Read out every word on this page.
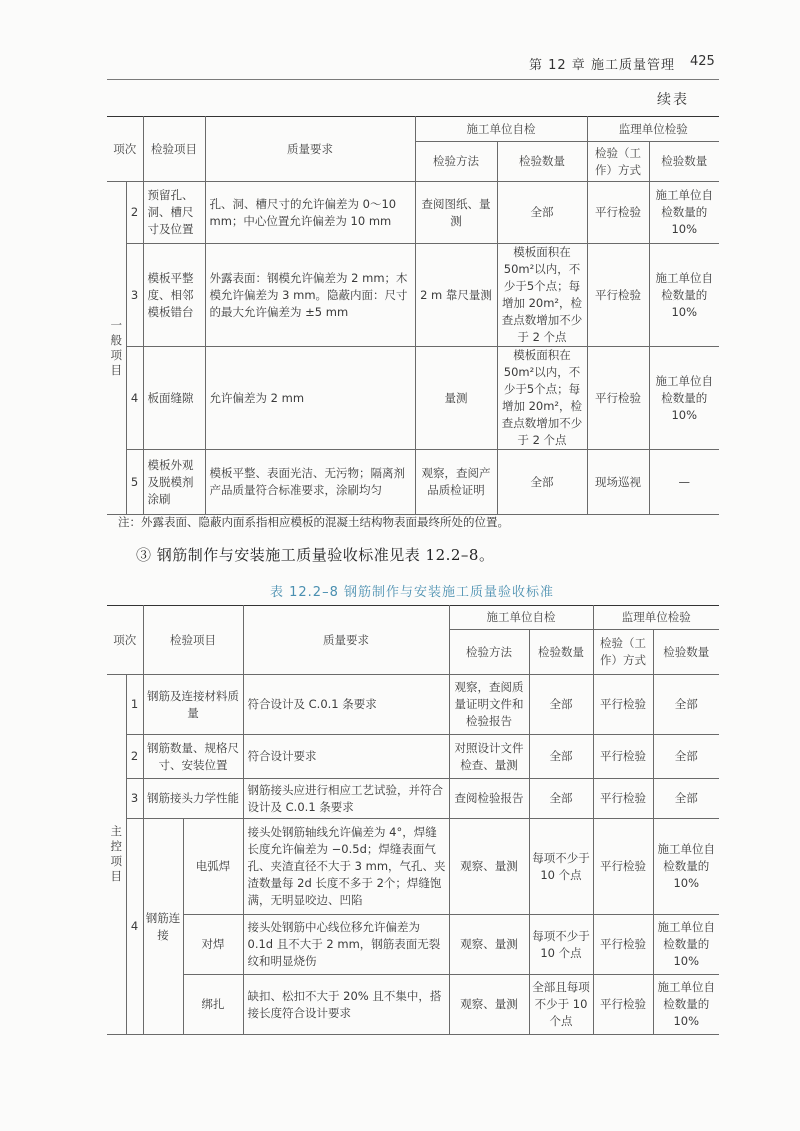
第 12 章 施工质量管理 425
续表
项次		检验项目	质量要求	施工单位自检		监理单位检验	
				检验方法	检验数量	检验（工作）方式	检验数量
一般项目	2	预留孔、洞、槽尺寸及位置	孔、洞、槽尺寸的允许偏差为 0～10 mm；中心位置允许偏差为 10 mm	查阅图纸、量测	全部	平行检验	施工单位自检数量的 10%
	3	模板平整度、相邻模板错台	外露表面：钢模允许偏差为 2 mm；木模允许偏差为 3 mm。隐蔽内面：尺寸的最大允许偏差为 ±5 mm	2 m 靠尺量测	模板面积在50m²以内，不少于5个点；每增加 20m²，检查点数增加不少于 2 个点	平行检验	施工单位自检数量的 10%
	4	板面缝隙	允许偏差为 2 mm	量测	模板面积在50m²以内，不少于5个点；每增加 20m²，检查点数增加不少于 2 个点	平行检验	施工单位自检数量的 10%
	5	模板外观及脱模剂涂刷	模板平整、表面光洁、无污物；隔离剂产品质量符合标准要求，涂刷均匀	观察，查阅产品质检证明	全部	现场巡视	—
注：外露表面、隐蔽内面系指相应模板的混凝土结构物表面最终所处的位置。
③ 钢筋制作与安装施工质量验收标准见表 12.2–8。
表 12.2–8 钢筋制作与安装施工质量验收标准
项次		检验项目		质量要求	施工单位自检		监理单位检验	
					检验方法	检验数量	检验（工作）方式	检验数量
主控项目	1	钢筋及连接材料质量		符合设计及 C.0.1 条要求	观察，查阅质量证明文件和检验报告	全部	平行检验	全部
	2	钢筋数量、规格尺寸、安装位置		符合设计要求	对照设计文件检查、量测	全部	平行检验	全部
	3	钢筋接头力学性能		钢筋接头应进行相应工艺试验，并符合设计及 C.0.1 条要求	查阅检验报告	全部	平行检验	全部
	4	钢筋连接	电弧焊	接头处钢筋轴线允许偏差为 4°，焊缝长度允许偏差为 −0.5d；焊缝表面气孔、夹渣直径不大于 3 mm，气孔、夹渣数量每 2d 长度不多于 2个；焊缝饱满，无明显咬边、凹陷	观察、量测	每项不少于 10 个点	平行检验	施工单位自检数量的 10%
			对焊	接头处钢筋中心线位移允许偏差为 0.1d 且不大于 2 mm，钢筋表面无裂纹和明显烧伤	观察、量测	每项不少于 10 个点	平行检验	施工单位自检数量的 10%
			绑扎	缺扣、松扣不大于 20% 且不集中，搭接长度符合设计要求	观察、量测	全部且每项不少于 10 个点	平行检验	施工单位自检数量的 10%
